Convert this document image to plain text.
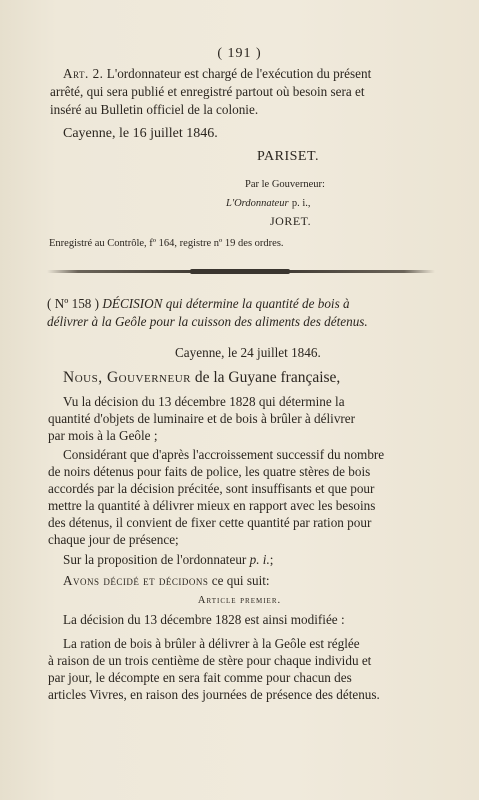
( 191 )
Art. 2. L'ordonnateur est chargé de l'exécution du présent
arrêté, qui sera publié et enregistré partout où besoin sera et
inséré au Bulletin officiel de la colonie.
Cayenne, le 16 juillet 1846.
PARISET.
Par le Gouverneur:
L'Ordonnateur p. i.,
JORET.
Enregistré au Contrôle, fº 164, registre nº 19 des ordres.
( Nº 158 ) DÉCISION qui détermine la quantité de bois à
délivrer à la Geôle pour la cuisson des aliments des détenus.
Cayenne, le 24 juillet 1846.
Nous, Gouverneur de la Guyane française,
Vu la décision du 13 décembre 1828 qui détermine la
quantité d'objets de luminaire et de bois à brûler à délivrer
par mois à la Geôle ;
Considérant que d'après l'accroissement successif du nombre
de noirs détenus pour faits de police, les quatre stères de bois
accordés par la décision précitée, sont insuffisants et que pour
mettre la quantité à délivrer mieux en rapport avec les besoins
des détenus, il convient de fixer cette quantité par ration pour
chaque jour de présence;
Sur la proposition de l'ordonnateur p. i.;
Avons décidé et décidons ce qui suit:
Article premier.
La décision du 13 décembre 1828 est ainsi modifiée :
La ration de bois à brûler à délivrer à la Geôle est réglée
à raison de un trois centième de stère pour chaque individu et
par jour, le décompte en sera fait comme pour chacun des
articles Vivres, en raison des journées de présence des détenus.
